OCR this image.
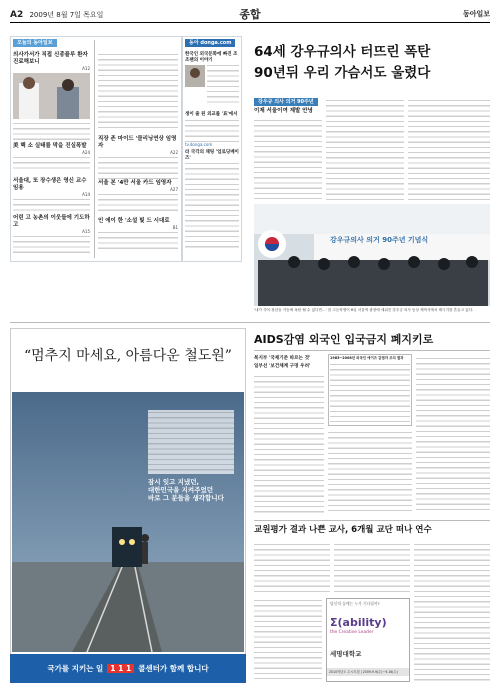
A2 2009년 8월 7일 목요일	종합	동아일보
오늘의 동아일보
의사가서가 직접 신종플루 환자 진료해보니
A12
美 핵 소 실태를 막을 진실폭발
A24
서울대, 또 장수생은 영신 교수 임용
A14
어린 고 농촌의 이웃들에 기도하고
A15
직장 존 마이드 '클리닝연상 임영자
A22
서울 본 '4만 서울 카드 임영자
A27
인 에이 한 '소설 빛 드 시대로
B1
동아 donga.com
한국인 외국문화에 빠진 조조팬의 이야기
생이 줄 된 외교를 '표'에서
tv.donga.com
라 국각의 채팅 '업로딩베이즈'
64세 강우규의사 터뜨린 폭탄
90년뒤 우리 가슴서도 울렸다
강우규 의사 의거 90주년
이제 서울이여 제발 안녕
강우규의사 의거 90주년 기념식
'내가 죽어 청년들 가슴에 폭탄 될 수 있다면…' 한 고등학생이 6일 서울역 광장에 세워진 강우규 의사 동상 제막식에서 태극기를 흔들고 있다.
“멈추지 마세요, 아름다운 철도원”
잠시 잊고 지냈던,
대한민국을 지켜주었던
바로 그 분들을 생각합니다
국가를 지키는 일 1 1 1 콜센터가 함께 합니다
AIDS감염 외국인 입국금지 폐지키로
복지부 '국제기준 따르는 것'
일부선 '보건체계 구멍 우려'
1985~2008년 외국인 에이즈 감염자 조치 결과
교원평가 결과 나쁜 교사, 6개월 교단 떠나 연수
당신의 꿈에는 누가 기다릴까?
Σ(ability)
the Creative Leader
세명대학교
2010학년도 수시모집 | 2009.9.9(수)~9.16(수)
